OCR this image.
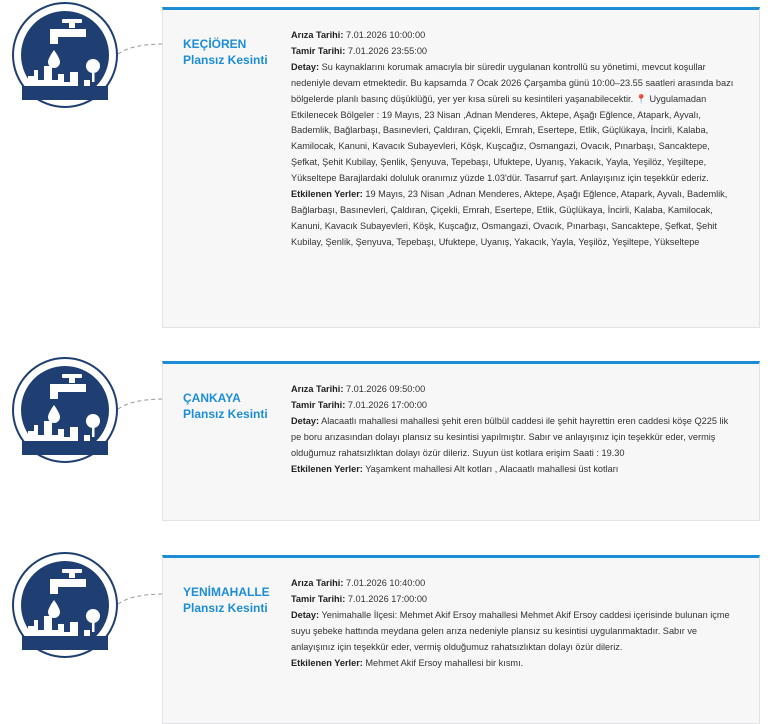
KEÇİÖREN
Plansız Kesinti

Arıza Tarihi: 7.01.2026 10:00:00

Tamir Tarihi: 7.01.2026 23:55:00

Detay: Su kaynaklarını korumak amacıyla bir süredir uygulanan kontrollü su yönetimi, mevcut koşullar nedeniyle devam etmektedir. Bu kapsamda 7 Ocak 2026 Çarşamba günü 10:00–23.55 saatleri arasında bazı bölgelerde planlı basınç düşüklüğü, yer yer kısa süreli su kesintileri yaşanabilecektir. 📍 Uygulamadan Etkilenecek Bölgeler : 19 Mayıs, 23 Nisan ,Adnan Menderes, Aktepe, Aşağı Eğlence, Atapark, Ayvalı, Bademlik, Bağlarbaşı, Basınevleri, Çaldıran, Çiçekli, Emrah, Esertepe, Etlik, Güçlükaya, İncirli, Kalaba, Kamilocak, Kanuni, Kavacık Subayevleri, Köşk, Kuşcağız, Osmangazi, Ovacık, Pınarbaşı, Sancaktepe, Şefkat, Şehit Kubilay, Şenlik, Şenyuva, Tepebaşı, Ufuktepe, Uyanış, Yakacık, Yayla, Yeşilöz, Yeşiltepe, Yükseltepe Barajlardaki doluluk oranımız yüzde 1.03'dür. Tasarruf şart. Anlayışınız için teşekkür ederiz.

Etkilenen Yerler: 19 Mayıs, 23 Nisan ,Adnan Menderes, Aktepe, Aşağı Eğlence, Atapark, Ayvalı, Bademlik, Bağlarbaşı, Basınevleri, Çaldıran, Çiçekli, Emrah, Esertepe, Etlik, Güçlükaya, İncirli, Kalaba, Kamilocak, Kanuni, Kavacık Subayevleri, Köşk, Kuşcağız, Osmangazi, Ovacık, Pınarbaşı, Sancaktepe, Şefkat, Şehit Kubilay, Şenlik, Şenyuva, Tepebaşı, Ufuktepe, Uyanış, Yakacık, Yayla, Yeşilöz, Yeşiltepe, Yükseltepe

ÇANKAYA
Plansız Kesinti

Arıza Tarihi: 7.01.2026 09:50:00

Tamir Tarihi: 7.01.2026 17:00:00

Detay: Alacaatlı mahallesi mahallesi şehit eren bülbül caddesi ile şehit hayrettin eren caddesi köşe Q225 lik pe boru arızasından dolayı plansız su kesintisi yapılmıştır. Sabır ve anlayışınız için teşekkür eder, vermiş olduğumuz rahatsızlıktan dolayı özür dileriz. Suyun üst kotlara erişim Saati : 19.30

Etkilenen Yerler: Yaşamkent mahallesi Alt kotları , Alacaatlı mahallesi üst kotları

YENİMAHALLE
Plansız Kesinti

Arıza Tarihi: 7.01.2026 10:40:00

Tamir Tarihi: 7.01.2026 17:00:00

Detay: Yenimahalle İlçesi: Mehmet Akif Ersoy mahallesi Mehmet Akif Ersoy caddesi içerisinde bulunan içme suyu şebeke hattında meydana gelen arıza nedeniyle plansız su kesintisi uygulanmaktadır. Sabır ve anlayışınız için teşekkür eder, vermiş olduğumuz rahatsızlıktan dolayı özür dileriz.

Etkilenen Yerler: Mehmet Akif Ersoy mahallesi bir kısmı.
